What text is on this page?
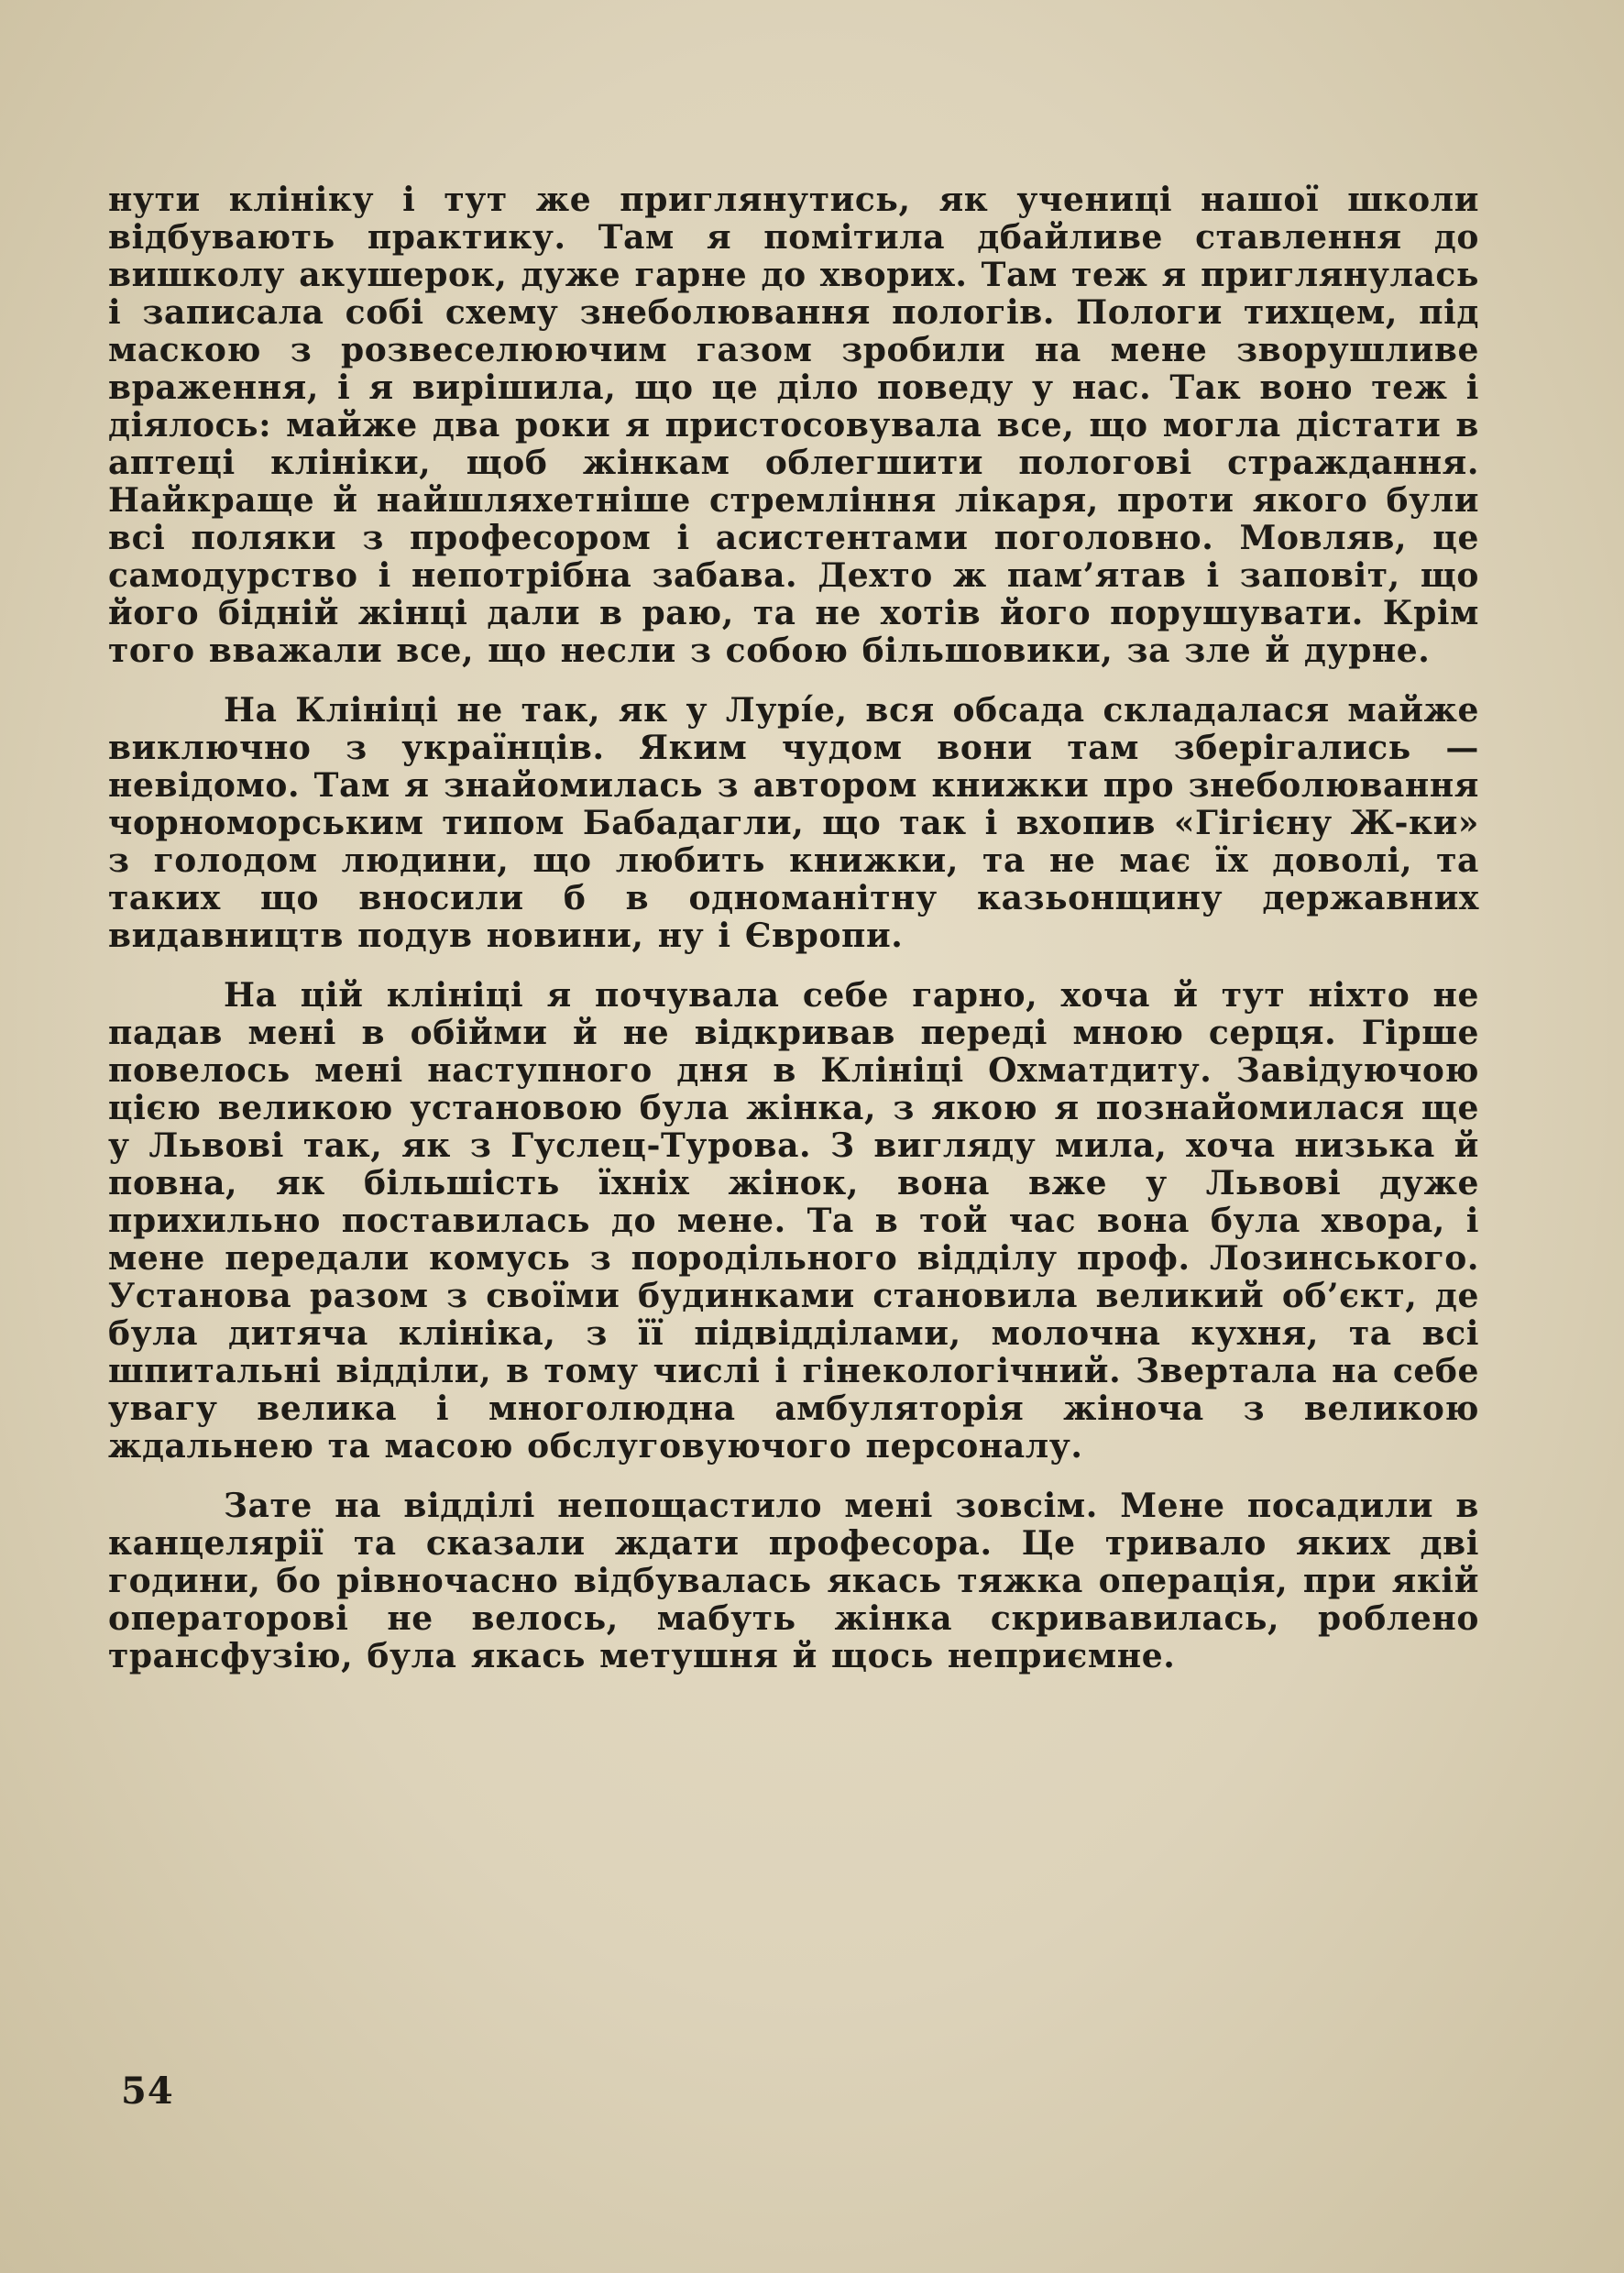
нути клініку і тут же приглянутись, як учениці нашої школи відбувають практику. Там я помітила дбайливе ставлення до вишколу акушерок, дуже гарне до хворих. Там теж я приглянулась і записала собі схему знеболювання пологів. Пологи тихцем, під маскою з розвеселюючим газом зробили на мене зворушливе враження, і я вирішила, що це діло поведу у нас. Так воно теж і діялось: майже два роки я пристосовувала все, що могла дістати в аптеці клініки, щоб жінкам облегшити пологові страждання. Найкраще й найшляхетніше стремління лікаря, проти якого були всі поляки з професором і асистентами поголовно. Мовляв, це самодурство і непотрібна забава. Дехто ж пам’ятав і заповіт, що його бідній жінці дали в раю, та не хотів його порушувати. Крім того вважали все, що несли з собою більшовики, за зле й дурне.

На Клініці не так, як у Лурі́е, вся обсада складалася майже виключно з українців. Яким чудом вони там зберігались — невідомо. Там я знайомилась з автором книжки про знеболювання чорноморським типом Бабадагли, що так і вхопив «Гігієну Ж-ки» з голодом людини, що любить книжки, та не має їх доволі, та таких що вносили б в одноманітну казьонщину державних видавництв подув новини, ну і Європи.

На цій клініці я почувала себе гарно, хоча й тут ніхто не падав мені в обійми й не відкривав переді мною серця. Гірше повелось мені наступного дня в Клініці Охматдиту. Завідуючою цією великою установою була жінка, з якою я познайомилася ще у Львові так, як з Гуслец-Турова. З вигляду мила, хоча низька й повна, як більшість їхніх жінок, вона вже у Львові дуже прихильно поставилась до мене. Та в той час вона була хвора, і мене передали комусь з породільного відділу проф. Лозинського. Установа разом з своїми будинками становила великий об’єкт, де була дитяча клініка, з її підвідділами, молочна кухня, та всі шпитальні відділи, в тому числі і гінекологічний. Звертала на себе увагу велика і многолюдна амбуляторія жіноча з великою ждальнею та масою обслуговуючого персоналу.

Зате на відділі непощастило мені зовсім. Мене посадили в канцелярії та сказали ждати професора. Це тривало яких дві години, бо рівночасно відбувалась якась тяжка операція, при якій операторові не велось, мабуть жінка скривавилась, роблено трансфузію, була якась метушня й щось неприємне.

54
